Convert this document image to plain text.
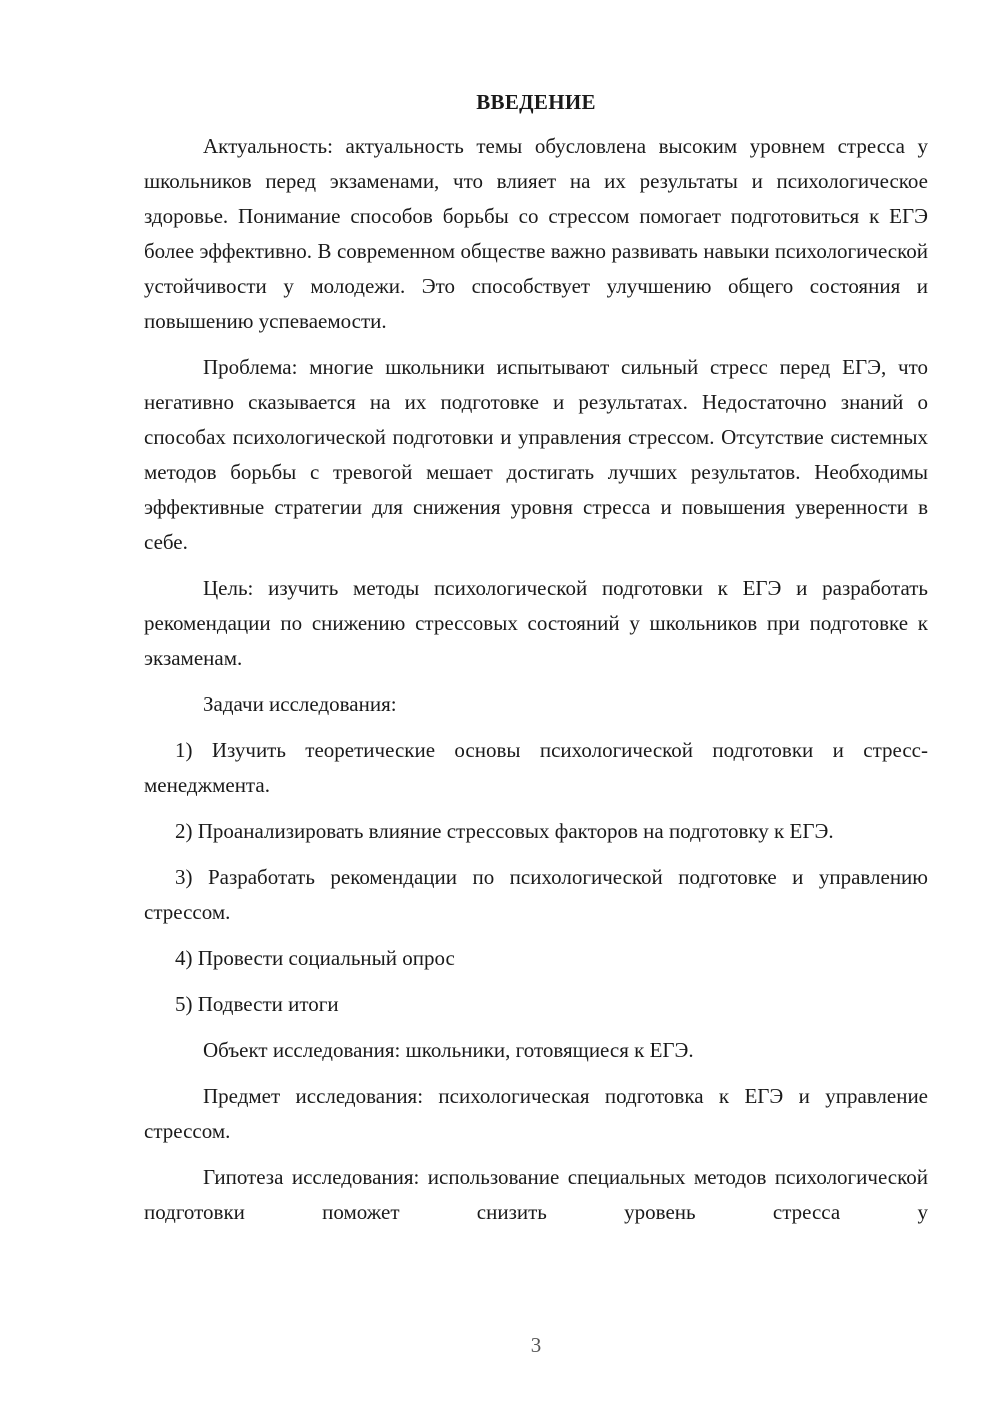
ВВЕДЕНИЕ

Актуальность: актуальность темы обусловлена высоким уровнем стресса у школьников перед экзаменами, что влияет на их результаты и психологическое здоровье. Понимание способов борьбы со стрессом помогает подготовиться к ЕГЭ более эффективно. В современном обществе важно развивать навыки психологической устойчивости у молодежи. Это способствует улучшению общего состояния и повышению успеваемости.

Проблема: многие школьники испытывают сильный стресс перед ЕГЭ, что негативно сказывается на их подготовке и результатах. Недостаточно знаний о способах психологической подготовки и управления стрессом. Отсутствие системных методов борьбы с тревогой мешает достигать лучших результатов. Необходимы эффективные стратегии для снижения уровня стресса и повышения уверенности в себе.

Цель: изучить методы психологической подготовки к ЕГЭ и разработать рекомендации по снижению стрессовых состояний у школьников при подготовке к экзаменам.

Задачи исследования:

1) Изучить теоретические основы психологической подготовки и стресс-менеджмента.

2) Проанализировать влияние стрессовых факторов на подготовку к ЕГЭ.

3) Разработать рекомендации по психологической подготовке и управлению стрессом.

4) Провести социальный опрос

5) Подвести итоги

Объект исследования: школьники, готовящиеся к ЕГЭ.

Предмет исследования: психологическая подготовка к ЕГЭ и управление стрессом.

Гипотеза исследования: использование специальных методов психологической подготовки поможет снизить уровень стресса у

3
